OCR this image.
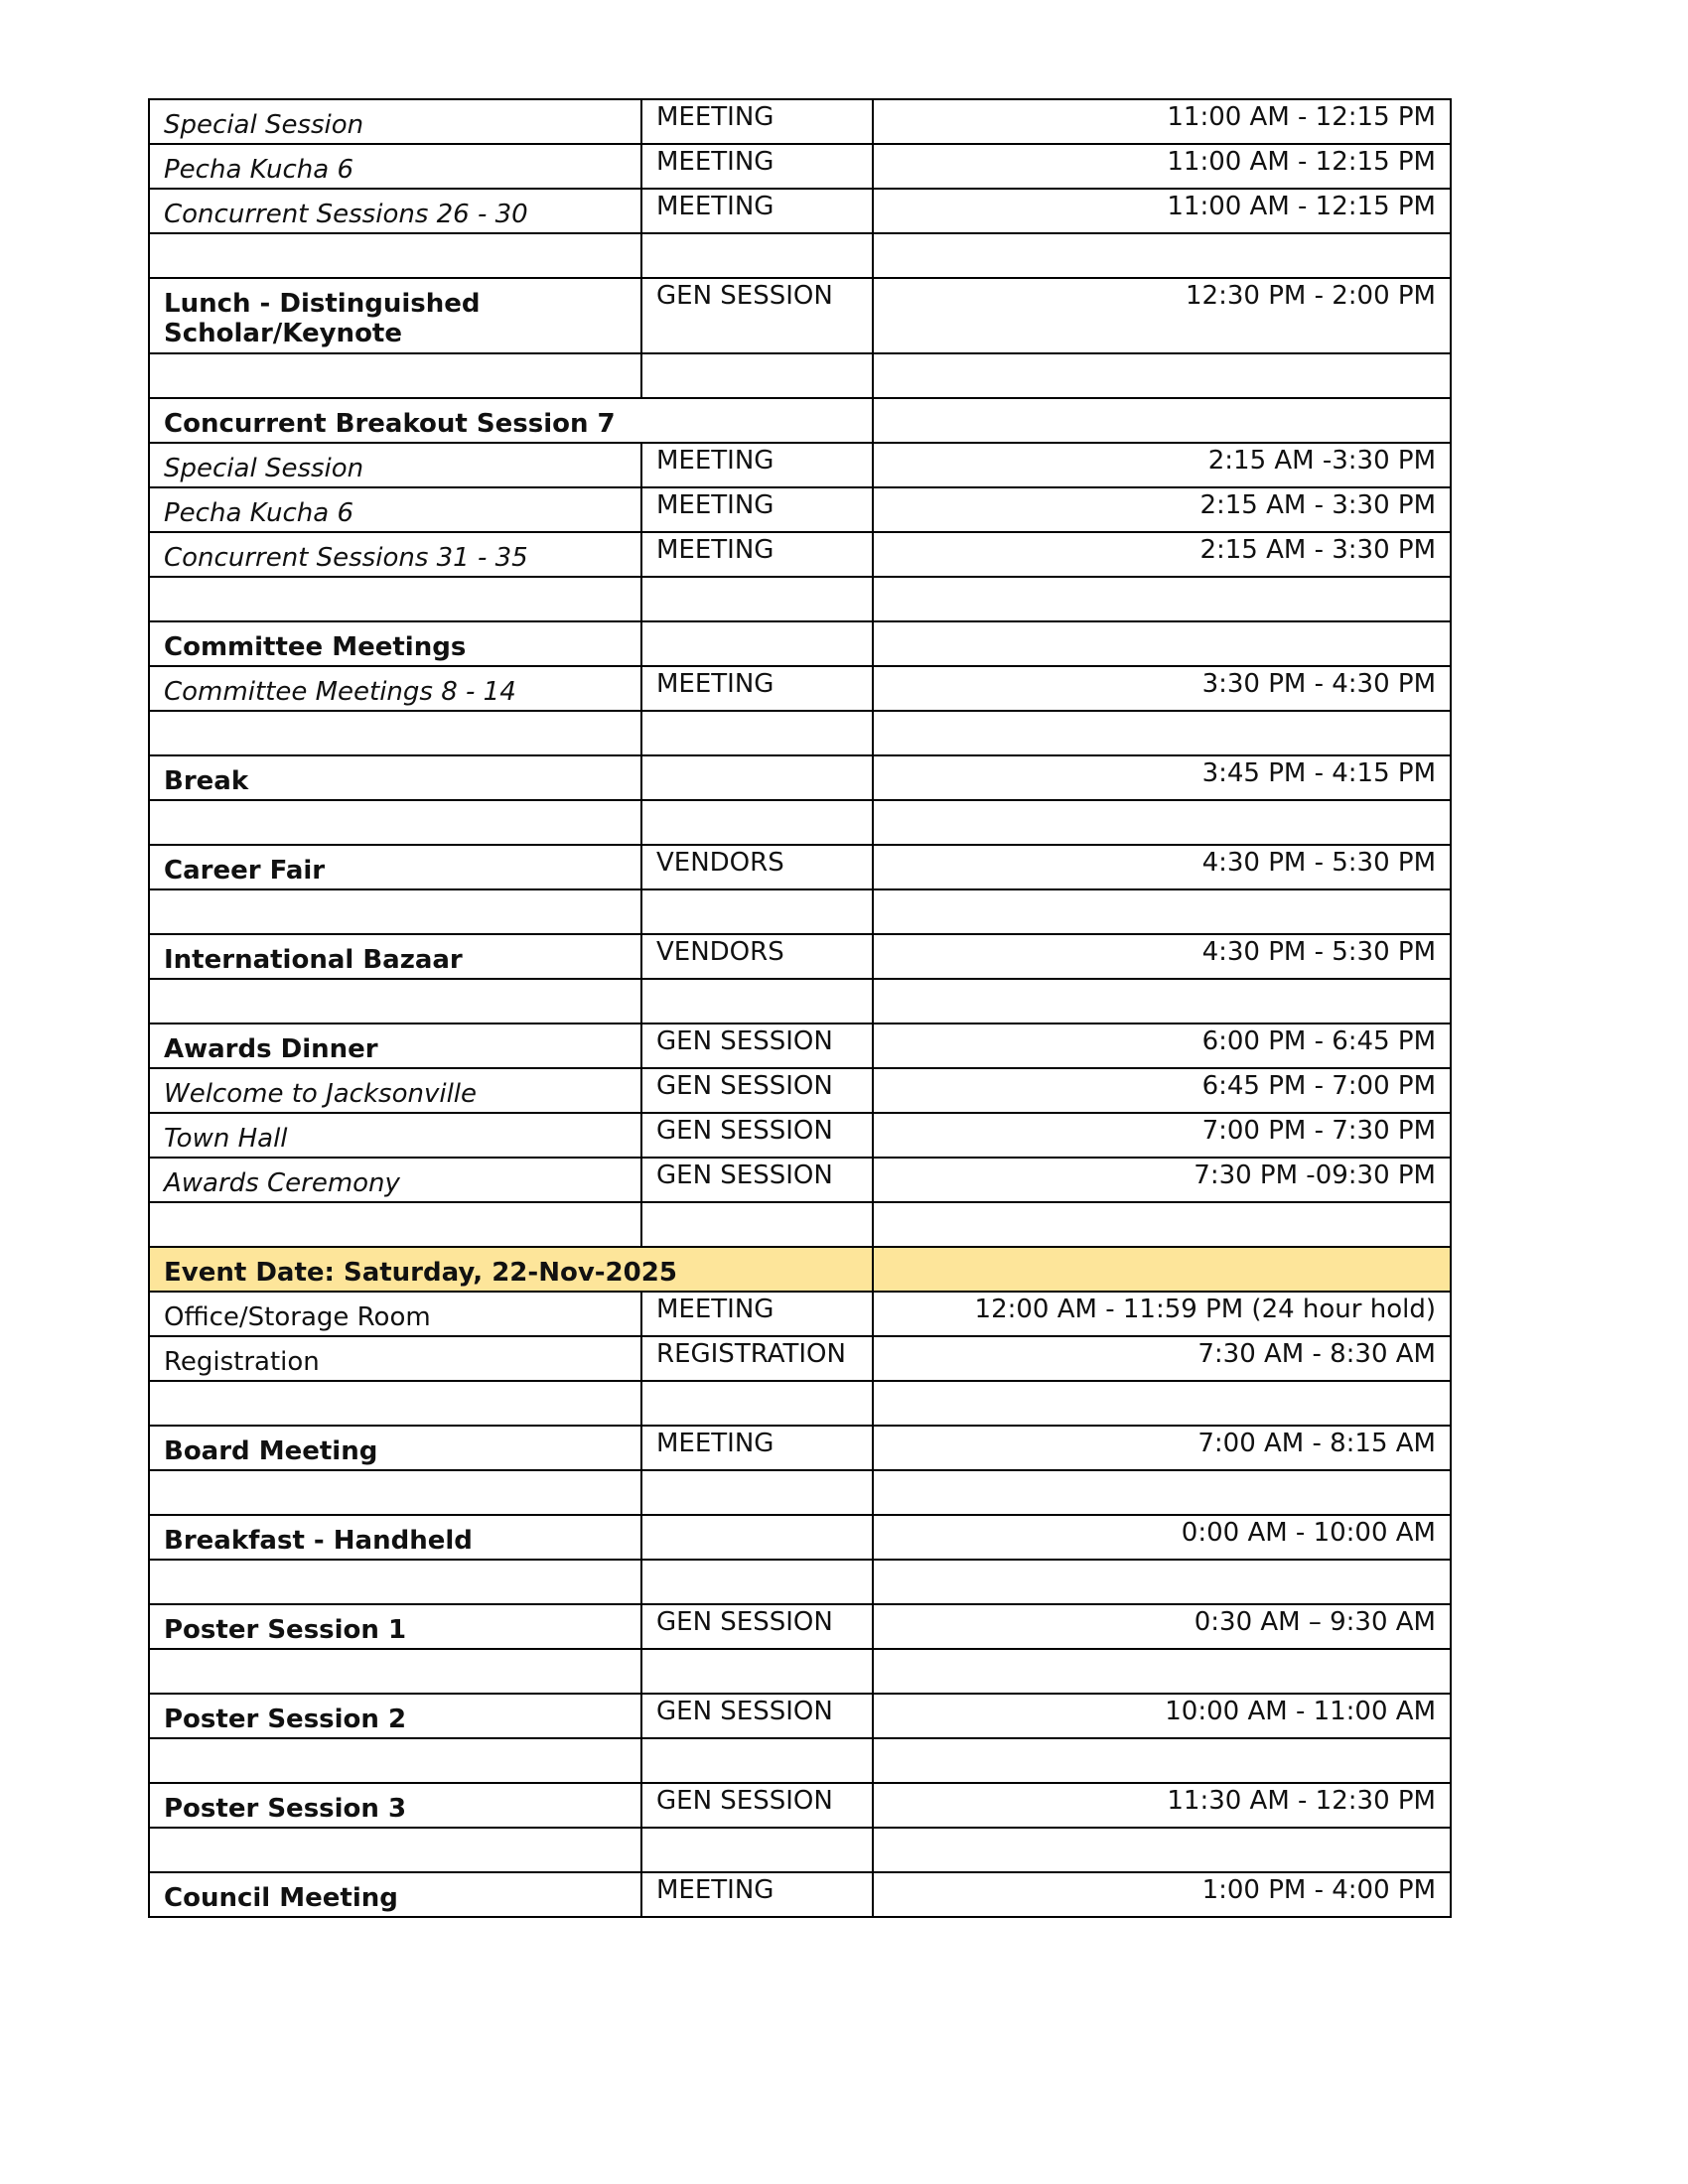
Special Session	MEETING	11:00 AM - 12:15 PM
Pecha Kucha 6	MEETING	11:00 AM - 12:15 PM
Concurrent Sessions 26 - 30	MEETING	11:00 AM - 12:15 PM

Lunch - Distinguished Scholar/Keynote	GEN SESSION	12:30 PM - 2:00 PM

Concurrent Breakout Session 7		
Special Session	MEETING	2:15 AM -3:30 PM
Pecha Kucha 6	MEETING	2:15 AM - 3:30 PM
Concurrent Sessions 31 - 35	MEETING	2:15 AM - 3:30 PM

Committee Meetings		
Committee Meetings 8 - 14	MEETING	3:30 PM - 4:30 PM

Break		3:45 PM - 4:15 PM

Career Fair	VENDORS	4:30 PM - 5:30 PM

International Bazaar	VENDORS	4:30 PM - 5:30 PM

Awards Dinner	GEN SESSION	6:00 PM - 6:45 PM
Welcome to Jacksonville	GEN SESSION	6:45 PM - 7:00 PM
Town Hall	GEN SESSION	7:00 PM - 7:30 PM
Awards Ceremony	GEN SESSION	7:30 PM -09:30 PM

Event Date: Saturday, 22-Nov-2025		
Office/Storage Room	MEETING	12:00 AM - 11:59 PM (24 hour hold)
Registration	REGISTRATION	7:30 AM - 8:30 AM

Board Meeting	MEETING	7:00 AM - 8:15 AM

Breakfast - Handheld		0:00 AM - 10:00 AM

Poster Session 1	GEN SESSION	0:30 AM – 9:30 AM

Poster Session 2	GEN SESSION	10:00 AM - 11:00 AM

Poster Session 3	GEN SESSION	11:30 AM - 12:30 PM

Council Meeting	MEETING	1:00 PM - 4:00 PM
